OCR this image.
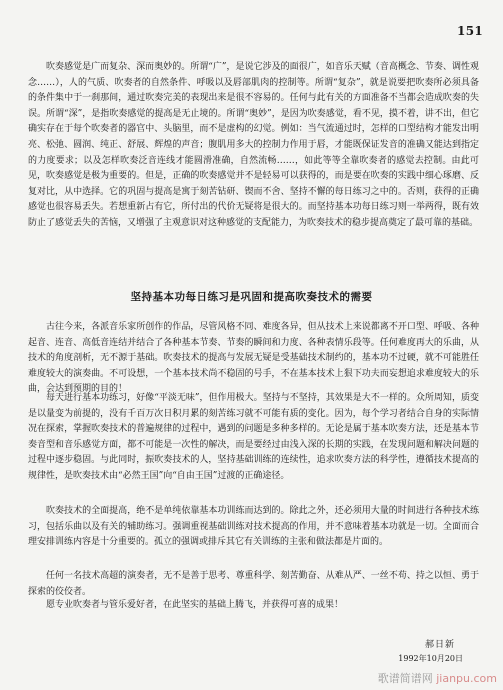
151

吹奏感觉是广而复杂、深而奥妙的。所谓“广”，是说它涉及的面很广，如音乐天赋（音高概念、节奏、调性观念……），人的气质、吹奏者的自然条件、呼吸以及唇部肌肉的控制等。所谓“复杂”，就是说要把吹奏所必须具备的条件集中于一刹那间，通过吹奏完美的表现出来是很不容易的。任何与此有关的方面准备不当都会造成吹奏的失误。所谓“深”，是指吹奏感觉的提高是无止境的。所谓“奥妙”，是因为吹奏感觉，看不见，摸不着，讲不出，但它确实存在于每个吹奏者的器官中、头脑里，而不是虚构的幻觉。例如：当气流通过时，怎样的口型结构才能发出明亮、松弛、圆润、纯正、舒展、辉煌的声音；腹肌用多大的控制力作用于唇，才能既保证发音的准确又能达到指定的力度要求；以及怎样吹奏泛音连线才能圆滑准确，自然流畅……，如此等等全靠吹奏者的感觉去控制。由此可见，吹奏感觉是极为重要的。但是，正确的吹奏感觉并不是轻易可以获得的，而是要在吹奏的实践中细心琢磨、反复对比，从中选择。它的巩固与提高是寓于刻苦钻研、锲而不舍、坚持不懈的每日练习之中的。否则，获得的正确感觉也很容易丢失。若想重新占有它，所付出的代价无疑将是很大的。而坚持基本功每日练习则一举两得，既有效防止了感觉丢失的苦恼，又增强了主观意识对这种感觉的支配能力，为吹奏技术的稳步提高奠定了最可靠的基础。

坚持基本功每日练习是巩固和提高吹奏技术的需要

古往今来，各派音乐家所创作的作品，尽管风格不同、难度各异，但从技术上来说都离不开口型、呼吸、各种起音、连音、高低音连结并结合了各种基本节奏、节奏的瞬间和力度、各种表情乐段等。任何难度再大的乐曲，从技术的角度剖析，无不源于基础。吹奏技术的提高与发展无疑是受基础技术制约的，基本功不过硬，就不可能胜任难度较大的演奏曲。不可设想，一个基本技术尚不稳固的号手，不在基本技术上狠下功夫而妄想追求难度较大的乐曲，会达到预期的目的！

每天进行基本功练习，好像“平淡无味”，但作用极大。坚持与不坚持，其效果是大不一样的。众所周知，质变是以量变为前提的，没有千百万次日积月累的刻苦练习就不可能有质的变化。因为，每个学习者结合自身的实际情况在探索，掌握吹奏技术的普遍规律的过程中，遇到的问题是多种多样的。无论是属于基本吹奏方法，还是基本节奏音型和音乐感觉方面，都不可能是一次性的解决，而是要经过由浅入深的长期的实践，在发现问题和解决问题的过程中逐步稳固。与此同时，振吹奏技术的人，坚持基础训练的连续性，追求吹奏方法的科学性，遵循技术提高的规律性，是吹奏技术由“必然王国”向“自由王国”过渡的正确途径。

吹奏技术的全面提高，绝不是单纯依靠基本功训练而达到的。除此之外，还必须用大量的时间进行各种技术练习，包括乐曲以及有关的辅助练习。强调重视基础训练对技术提高的作用，并不意味着基本功就是一切。全面而合理安排训练内容是十分重要的。孤立的强调或排斥其它有关训练的主张和做法都是片面的。

任何一名技术高超的演奏者，无不是善于思考、尊重科学、刻苦勤奋、从难从严、一丝不苟、持之以恒、勇于探索的佼佼者。

愿专业吹奏者与管乐爱好者，在此坚实的基础上腾飞，并获得可喜的成果！

郝日新
1992年10月20日
歌谱简谱网 jianpu.com
